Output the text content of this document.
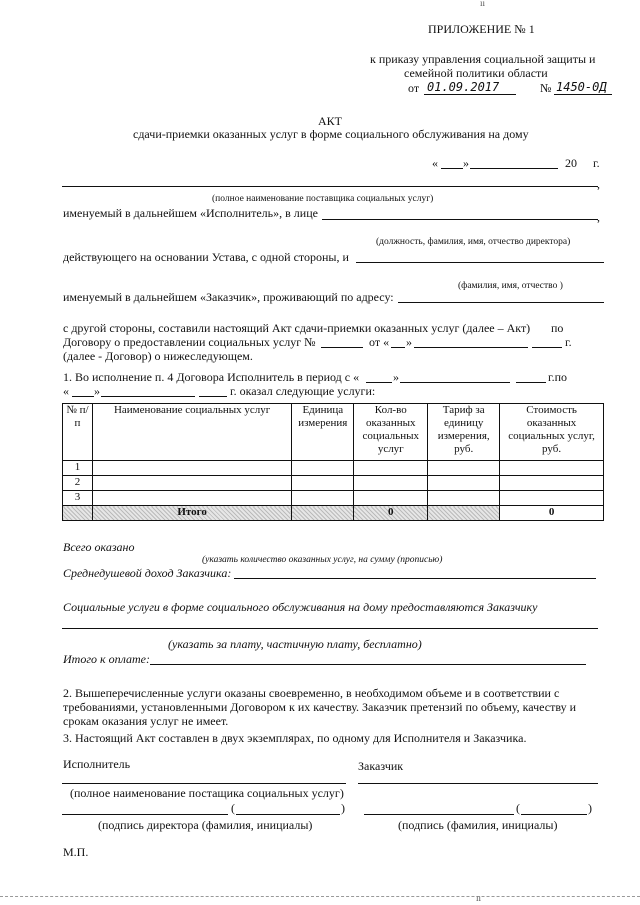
ıı
ıı
ПРИЛОЖЕНИЕ № 1
к приказу управления социальной защиты и
семейной политики области
от 01.09.2017	№ 1450-0Д
АКТ
сдачи-приемки оказанных услуг в форме социального обслуживания на дому
« »	20 г.
,
(полное наименование поставщика социальных услуг)
именуемый в дальнейшем «Исполнитель», в лице	,
(должность, фамилия, имя, отчество директора)
действующего на основании Устава, с одной стороны, и
(фамилия, имя, отчество )
именуемый в дальнейшем «Заказчик», проживающий по адресу:
с другой стороны, составили настоящий Акт сдачи-приемки оказанных услуг (далее – Акт) по
Договору о предоставлении социальных услуг №	от « »	г.
(далее - Договор) о нижеследующем.
1. Во исполнение п. 4 Договора Исполнитель в период с «	»	г.по
« »	г. оказал следующие услуги:
№ п/п	Наименование социальных услуг	Единица измерения	Кол-во оказанных социальных услуг	Тариф за единицу измерения, руб.	Стоимость оказанных социальных услуг, руб.
1					
2					
3					
	Итого		0		0
Всего оказано
(указать количество оказанных услуг, на сумму (прописью)
Среднедушевой доход Заказчика:
Социальные услуги в форме социального обслуживания на дому предоставляются Заказчику
(указать за плату, частичную плату, бесплатно)
Итого к оплате:
2. Вышеперечисленные услуги оказаны своевременно, в необходимом объеме и в соответствии с
требованиями, установленными Договором к их качеству. Заказчик претензий по объему, качеству и
срокам оказания услуг не имеет.
3. Настоящий Акт составлен в двух экземплярах, по одному для Исполнителя и Заказчика.
Исполнитель	Заказчик
(полное наименование постащика социальных услуг)
(	)	(	)
(подпись директора (фамилия, инициалы)	(подпись (фамилия, инициалы)
М.П.
